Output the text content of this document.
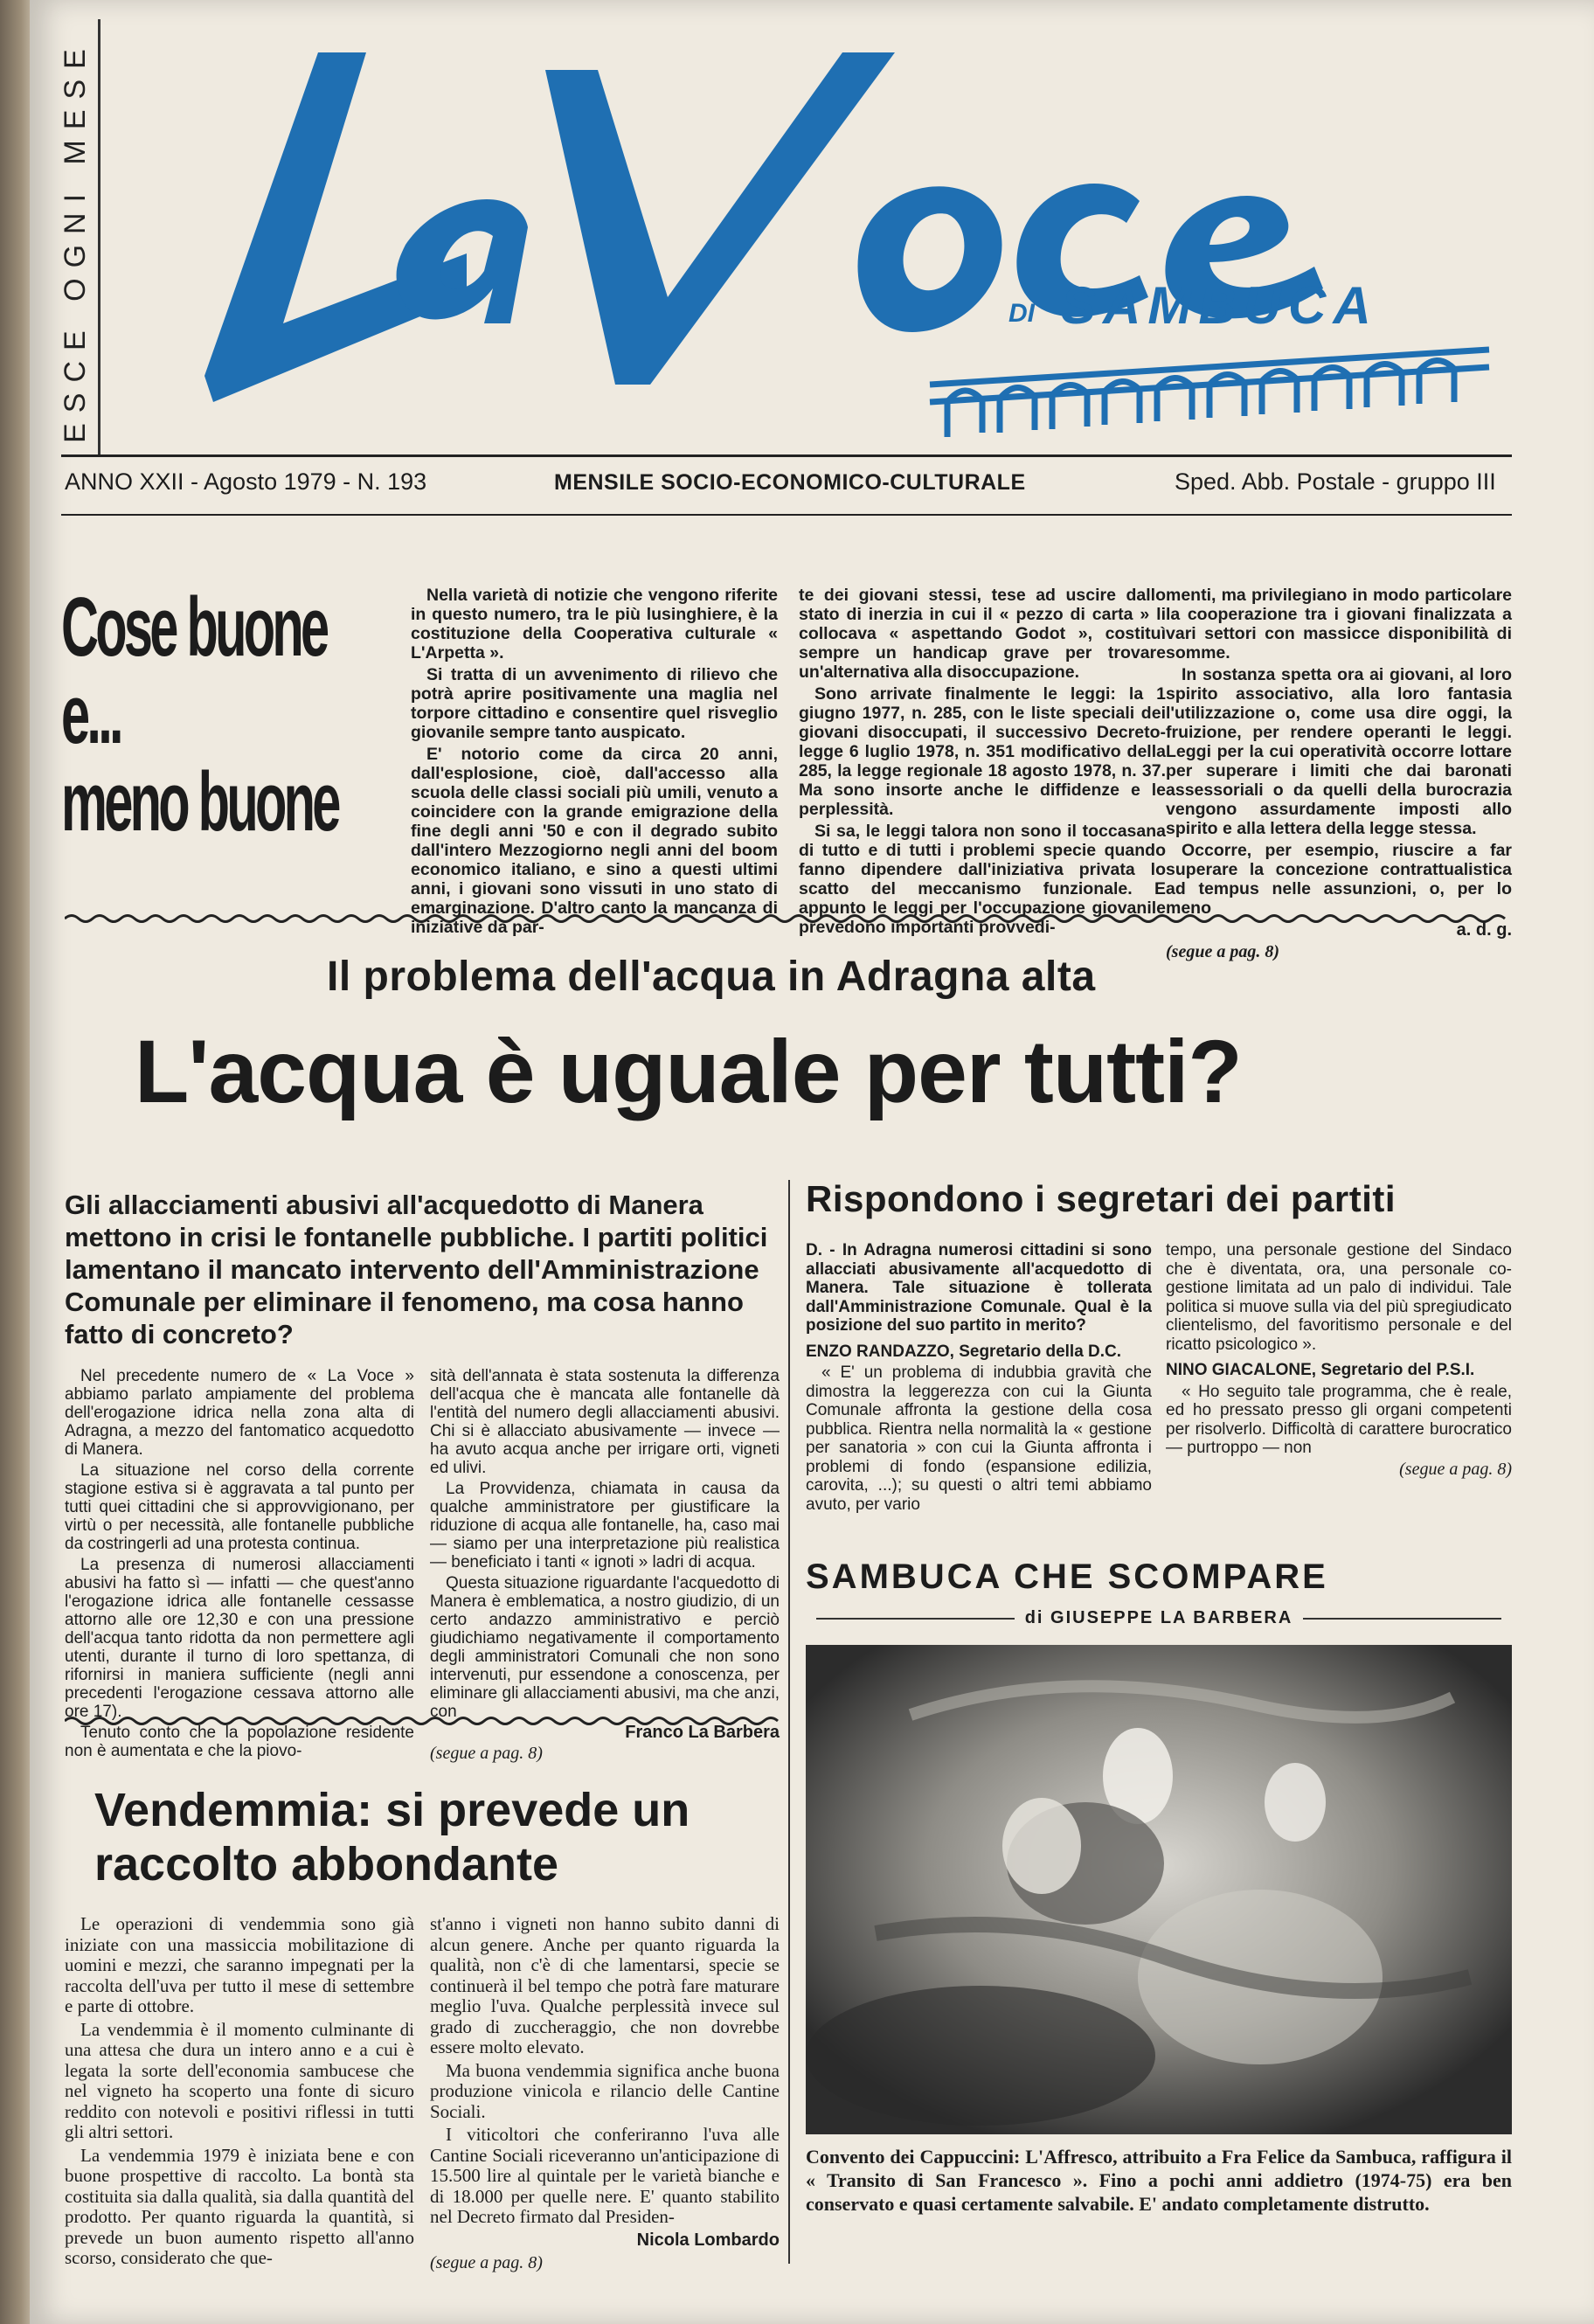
ESCE OGNI MESE	DI SAMBUCA
ANNO XXII - Agosto 1979 - N. 193	MENSILE SOCIO-ECONOMICO-CULTURALE	Sped. Abb. Postale - gruppo III
Cose buone
e...
meno buone

Nella varietà di notizie che vengono riferite in questo numero, tra le più lusinghiere, è la costituzione della Cooperativa culturale « L'Arpetta ».

Si tratta di un avvenimento di rilievo che potrà aprire positivamente una maglia nel torpore cittadino e consentire quel risveglio giovanile sempre tanto auspicato.

E' notorio come da circa 20 anni, dall'esplosione, cioè, dall'accesso alla scuola delle classi sociali più umili, venuto a coincidere con la grande emigrazione della fine degli anni '50 e con il degrado subito dall'intero Mezzogiorno negli anni del boom economico italiano, e sino a questi ultimi anni, i giovani sono vissuti in uno stato di emarginazione. D'altro canto la mancanza di iniziative da par-

te dei giovani stessi, tese ad uscire dallo stato di inerzia in cui il « pezzo di carta » li collocava « aspettando Godot », costituì sempre un handicap grave per trovare un'alternativa alla disoccupazione.

Sono arrivate finalmente le leggi: la 1 giugno 1977, n. 285, con le liste speciali dei giovani disoccupati, il successivo Decreto-legge 6 luglio 1978, n. 351 modificativo della 285, la legge regionale 18 agosto 1978, n. 37. Ma sono insorte anche le diffidenze e le perplessità.

Si sa, le leggi talora non sono il toccasana di tutto e di tutti i problemi specie quando fanno dipendere dall'iniziativa privata lo scatto del meccanismo funzionale. E appunto le leggi per l'occupazione giovanile prevedono importanti provvedi-

menti, ma privilegiano in modo particolare la cooperazione tra i giovani finalizzata a vari settori con massicce disponibilità di somme.

In sostanza spetta ora ai giovani, al loro spirito associativo, alla loro fantasia l'utilizzazione o, come usa dire oggi, la fruizione, per rendere operanti le leggi. Leggi per la cui operatività occorre lottare per superare i limiti che dai baronati assessoriali o da quelli della burocrazia vengono assurdamente imposti allo spirito e alla lettera della legge stessa.

Occorre, per esempio, riuscire a far superare la concezione contrattualistica ad tempus nelle assunzioni, o, per lo meno

a. d. g.

(segue a pag. 8)

Il problema dell'acqua in Adragna alta
L'acqua è uguale per tutti?
Gli allacciamenti abusivi all'acquedotto di Manera mettono in crisi le fontanelle pubbliche. I partiti politici lamentano il mancato intervento dell'Amministrazione Comunale per eliminare il fenomeno, ma cosa hanno fatto di concreto?

Nel precedente numero de « La Voce » abbiamo parlato ampiamente del problema dell'erogazione idrica nella zona alta di Adragna, a mezzo del fantomatico acquedotto di Manera.

La situazione nel corso della corrente stagione estiva si è aggravata a tal punto per tutti quei cittadini che si approvvigionano, per virtù o per necessità, alle fontanelle pubbliche da costringerli ad una protesta continua.

La presenza di numerosi allacciamenti abusivi ha fatto sì — infatti — che quest'anno l'erogazione idrica alle fontanelle cessasse attorno alle ore 12,30 e con una pressione dell'acqua tanto ridotta da non permettere agli utenti, durante il turno di loro spettanza, di rifornirsi in maniera sufficiente (negli anni precedenti l'erogazione cessava attorno alle ore 17).

Tenuto conto che la popolazione residente non è aumentata e che la piovo-

sità dell'annata è stata sostenuta la differenza dell'acqua che è mancata alle fontanelle dà l'entità del numero degli allacciamenti abusivi. Chi si è allacciato abusivamente — invece — ha avuto acqua anche per irrigare orti, vigneti ed ulivi.

La Provvidenza, chiamata in causa da qualche amministratore per giustificare la riduzione di acqua alle fontanelle, ha, caso mai — siamo per una interpretazione più realistica — beneficiato i tanti « ignoti » ladri di acqua.

Questa situazione riguardante l'acquedotto di Manera è emblematica, a nostro giudizio, di un certo andazzo amministrativo e perciò giudichiamo negativamente il comportamento degli amministratori Comunali che non sono intervenuti, pur essendone a conoscenza, per eliminare gli allacciamenti abusivi, ma che anzi, con

Franco La Barbera

(segue a pag. 8)

Rispondono i segretari dei partiti

D. - In Adragna numerosi cittadini si sono allacciati abusivamente all'acquedotto di Manera. Tale situazione è tollerata dall'Amministrazione Comunale. Qual è la posizione del suo partito in merito?

ENZO RANDAZZO, Segretario della D.C.

« E' un problema di indubbia gravità che dimostra la leggerezza con cui la Giunta Comunale affronta la gestione della cosa pubblica. Rientra nella normalità la « gestione per sanatoria » con cui la Giunta affronta i problemi di fondo (espansione edilizia, carovita, ...); su questi o altri temi abbiamo avuto, per vario

tempo, una personale gestione del Sindaco che è diventata, ora, una personale co-gestione limitata ad un palo di individui. Tale politica si muove sulla via del più spregiudicato clientelismo, del favoritismo personale e del ricatto psicologico ».

NINO GIACALONE, Segretario del P.S.I.

« Ho seguito tale programma, che è reale, ed ho pressato presso gli organi competenti per risolverlo. Difficoltà di carattere burocratico — purtroppo — non

(segue a pag. 8)

SAMBUCA CHE SCOMPARE
di GIUSEPPE LA BARBERA
Convento dei Cappuccini: L'Affresco, attribuito a Fra Felice da Sambuca, raffigura il « Transito di San Francesco ». Fino a pochi anni addietro (1974-75) era ben conservato e quasi certamente salvabile. E' andato completamente distrutto.
Vendemmia: si prevede un raccolto abbondante

Le operazioni di vendemmia sono già iniziate con una massiccia mobilitazione di uomini e mezzi, che saranno impegnati per la raccolta dell'uva per tutto il mese di settembre e parte di ottobre.

La vendemmia è il momento culminante di una attesa che dura un intero anno e a cui è legata la sorte dell'economia sambucese che nel vigneto ha scoperto una fonte di sicuro reddito con notevoli e positivi riflessi in tutti gli altri settori.

La vendemmia 1979 è iniziata bene e con buone prospettive di raccolto. La bontà sta costituita sia dalla qualità, sia dalla quantità del prodotto. Per quanto riguarda la quantità, si prevede un buon aumento rispetto all'anno scorso, considerato che que-

st'anno i vigneti non hanno subito danni di alcun genere. Anche per quanto riguarda la qualità, non c'è di che lamentarsi, specie se continuerà il bel tempo che potrà fare maturare meglio l'uva. Qualche perplessità invece sul grado di zuccheraggio, che non dovrebbe essere molto elevato.

Ma buona vendemmia significa anche buona produzione vinicola e rilancio delle Cantine Sociali.

I viticoltori che conferiranno l'uva alle Cantine Sociali riceveranno un'anticipazione di 15.500 lire al quintale per le varietà bianche e di 18.000 per quelle nere. E' quanto stabilito nel Decreto firmato dal Presiden-

Nicola Lombardo

(segue a pag. 8)
